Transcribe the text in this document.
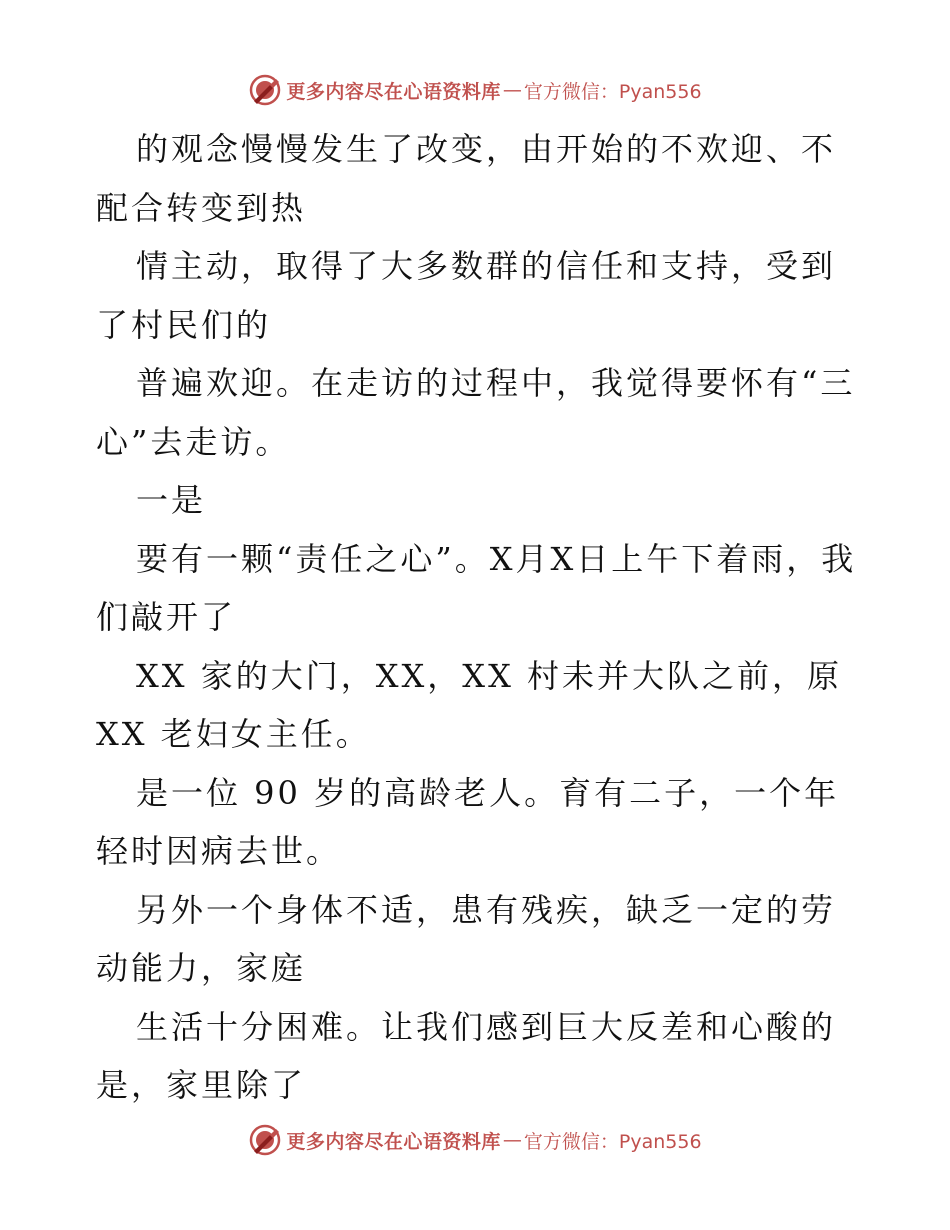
更多内容尽在心语资料库 — 官方微信：Pyan556

的观念慢慢发生了改变，由开始的不欢迎、不配合转变到热

情主动，取得了大多数群的信任和支持，受到了村民们的

普遍欢迎。在走访的过程中，我觉得要怀有“三心”去走访。

一是

要有一颗“责任之心”。X月X日上午下着雨，我们敲开了

XX 家的大门，XX，XX 村未并大队之前，原 XX 老妇女主任。

是一位 90 岁的高龄老人。育有二子，一个年轻时因病去世。

另外一个身体不适，患有残疾，缺乏一定的劳动能力，家庭

生活十分困难。让我们感到巨大反差和心酸的是，家里除了

更多内容尽在心语资料库 — 官方微信：Pyan556
